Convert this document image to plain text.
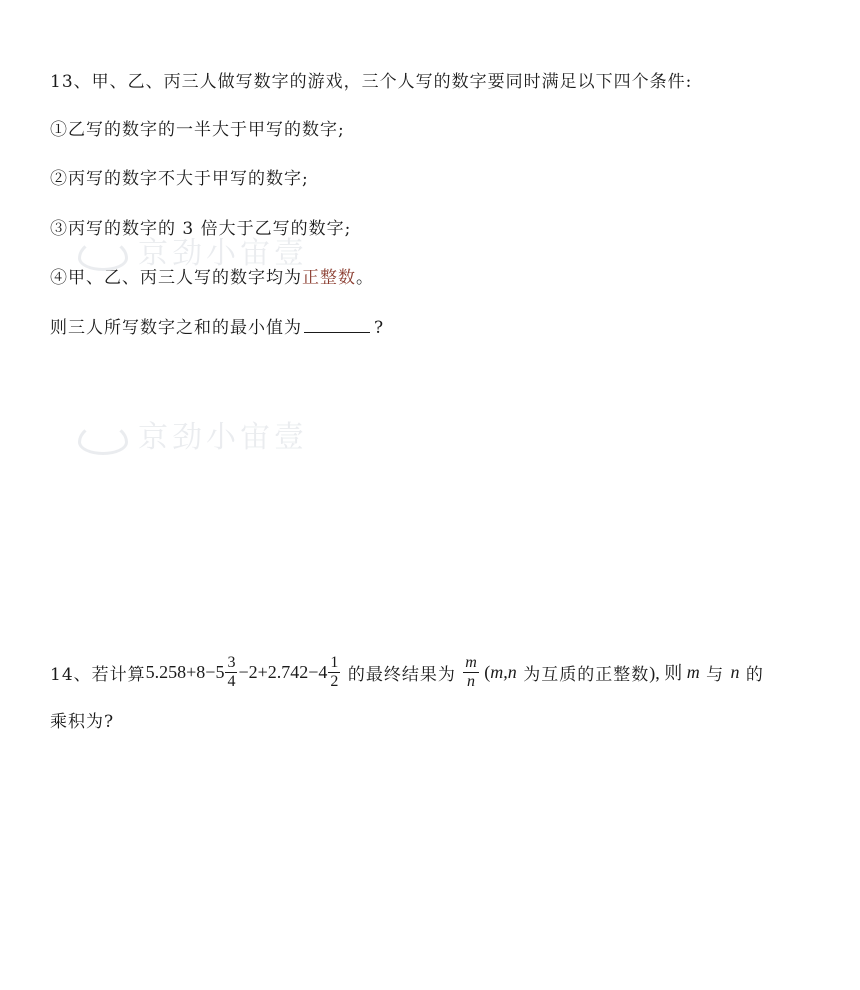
13、甲、乙、丙三人做写数字的游戏，三个人写的数字要同时满足以下四个条件:
①乙写的数字的一半大于甲写的数字;
②丙写的数字不大于甲写的数字;
③丙写的数字的 3 倍大于乙写的数字;
④甲、乙、丙三人写的数字均为正整数。
则三人所写数字之和的最小值为	?
京劲小宙壹
京劲小宙壹
14、若计算 $5.258+8-5 \frac{3}{4} -2+2.742-4 \frac{1}{2}$ 的最终结果为 $\frac{m}{n}$ ( m,n 为互质的正整数 ), 则 m 与 n 的
乘积为?
